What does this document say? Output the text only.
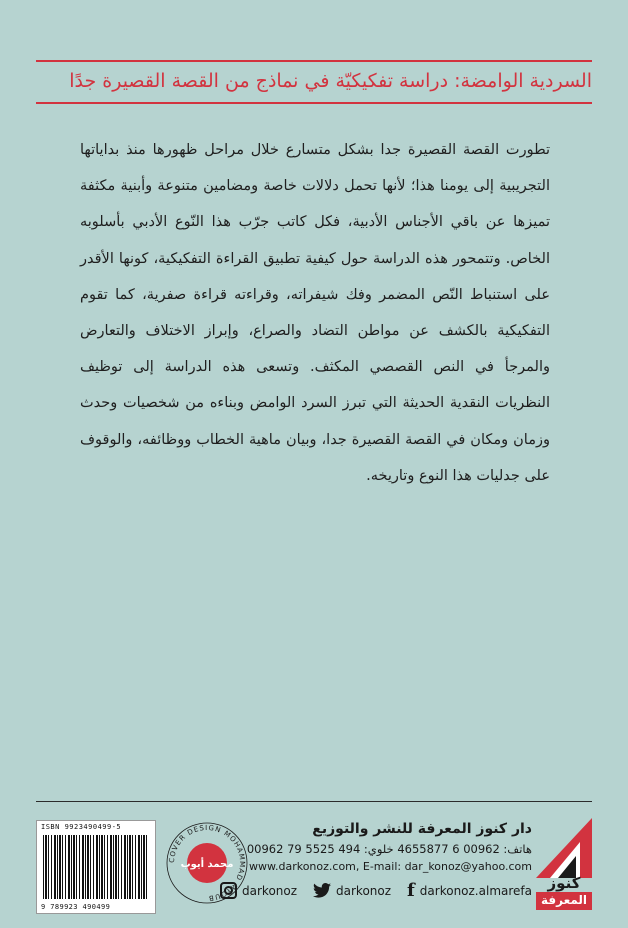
السردية الوامضة: دراسة تفكيكيّة في نماذج من القصة القصيرة جدًا
تطورت القصة القصيرة جدا بشكل متسارع خلال مراحل ظهورها منذ بداياتها التجريبية إلى يومنا هذا؛ لأنها تحمل دلالات خاصة ومضامين متنوعة وأبنية مكثفة تميزها عن باقي الأجناس الأدبية، فكل كاتب جرّب هذا النّوع الأدبي بأسلوبه الخاص. وتتمحور هذه الدراسة حول كيفية تطبيق القراءة التفكيكية، كونها الأقدر على استنباط النّص المضمر وفك شيفراته، وقراءته قراءة صفرية، كما تقوم التفكيكية بالكشف عن مواطن التضاد والصراع، وإبراز الاختلاف والتعارض والمرجأ في النص القصصي المكثف. وتسعى هذه الدراسة إلى توظيف النظريات النقدية الحديثة التي تبرز السرد الوامض وبناءه من شخصيات وحدث وزمان ومكان في القصة القصيرة جدا، وبيان ماهية الخطاب ووظائفه، والوقوف على جدليات هذا النوع وتاريخه.
ISBN 9923490499-5
9 789923 490499
COVER DESIGN MOHAMMAD MYOUB
محمد أيوب
دار كنوز المعرفة للنشر والتوزيع
هاتف: 00962 6 4655877 خلوي: 494 5525 79 00962
www.darkonoz.com, E-mail: dar_konoz@yahoo.com
f darkonoz.almarefa
darkonoz
darkonoz	كنوز
المعرفة
